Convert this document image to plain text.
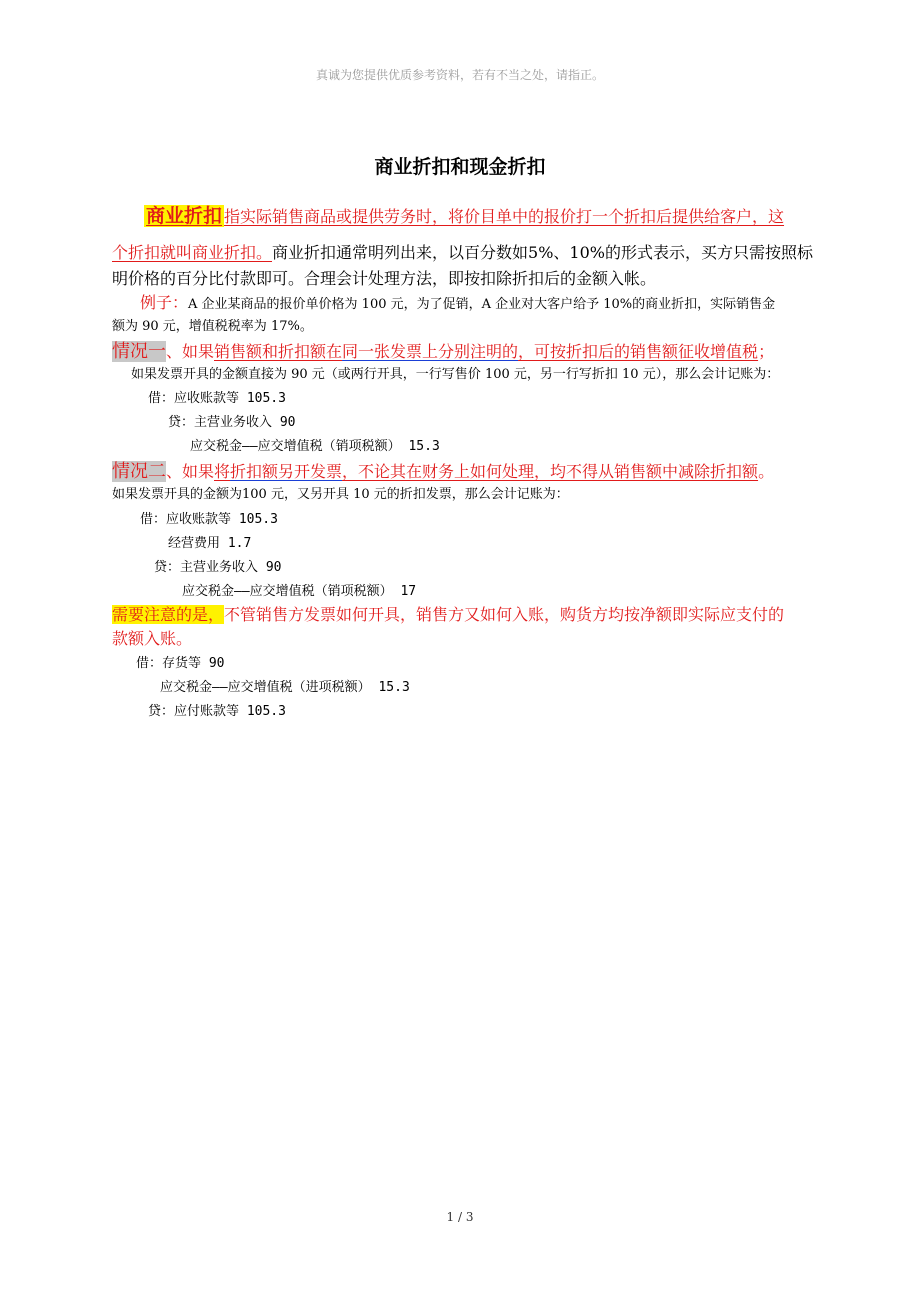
真诚为您提供优质参考资料，若有不当之处，请指正。
商业折扣和现金折扣
商业折扣 指实际销售商品或提供劳务时，将价目单中的报价打一个折扣后提供给客户，这
个折扣就叫商业折扣。商业折扣通常明列出来，以百分数如5%、10%的形式表示，买方只需按照标
明价格的百分比付款即可。合理会计处理方法，即按扣除折扣后的金额入帐。
例子：A 企业某商品的报价单价格为 100 元，为了促销，A 企业对大客户给予 10%的商业折扣，实际销售金
额为 90 元，增值税税率为 17%。
情况一、如果销售额和折扣额在同一张发票上分别注明的，可按折扣后的销售额征收增值税；
如果发票开具的金额直接为 90 元（或两行开具，一行写售价 100 元，另一行写折扣 10 元），那么会计记账为：
借：应收账款等 105.3
贷：主营业务收入 90
应交税金——应交增值税（销项税额） 15.3
情况二、如果将折扣额另开发票，不论其在财务上如何处理，均不得从销售额中减除折扣额。
如果发票开具的金额为100 元，又另开具 10 元的折扣发票，那么会计记账为：
借：应收账款等 105.3
经营费用 1.7
贷：主营业务收入 90
应交税金——应交增值税（销项税额） 17
需要注意的是，不管销售方发票如何开具，销售方又如何入账，购货方均按净额即实际应支付的
款额入账。
借：存货等 90
应交税金——应交增值税（进项税额） 15.3
贷：应付账款等 105.3
1 / 3
